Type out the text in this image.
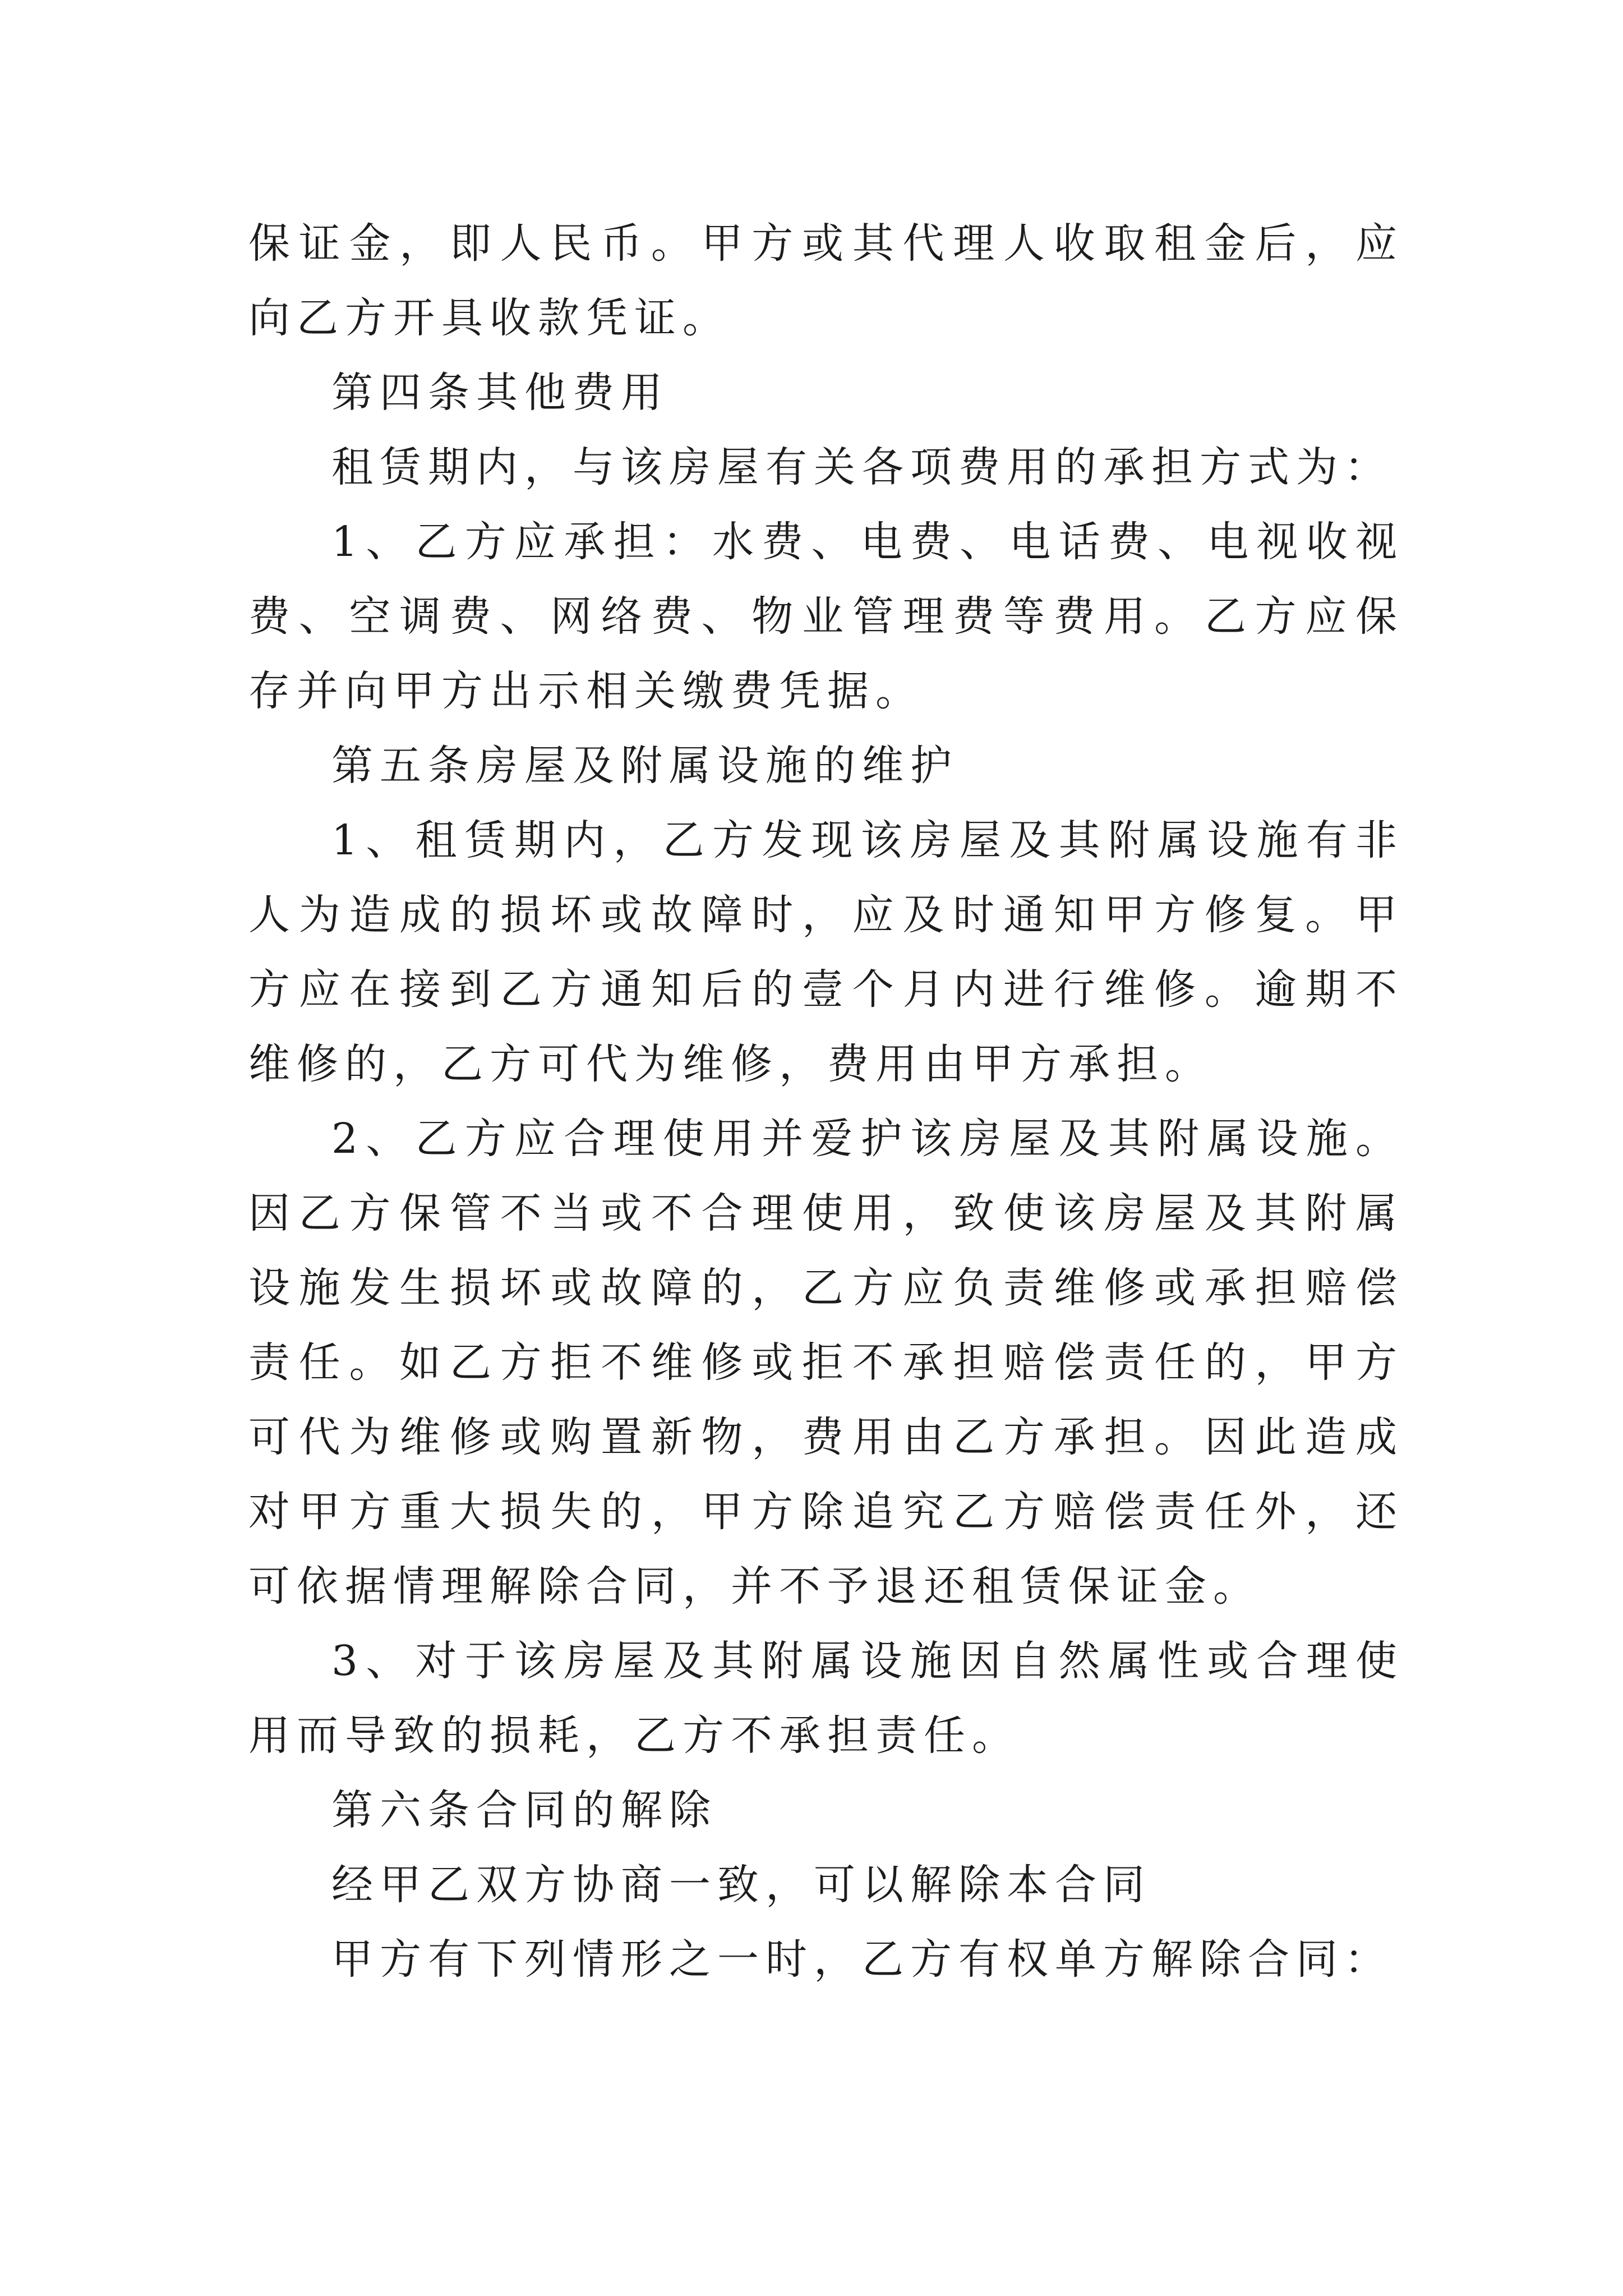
保证金，即人民币。甲方或其代理人收取租金后，应向乙方开具收款凭证。

第四条其他费用

租赁期内，与该房屋有关各项费用的承担方式为：

1、乙方应承担：水费、电费、电话费、电视收视费、空调费、网络费、物业管理费等费用。乙方应保存并向甲方出示相关缴费凭据。

第五条房屋及附属设施的维护

1、租赁期内，乙方发现该房屋及其附属设施有非人为造成的损坏或故障时，应及时通知甲方修复。甲方应在接到乙方通知后的壹个月内进行维修。逾期不维修的，乙方可代为维修，费用由甲方承担。

2、乙方应合理使用并爱护该房屋及其附属设施。因乙方保管不当或不合理使用，致使该房屋及其附属设施发生损坏或故障的，乙方应负责维修或承担赔偿责任。如乙方拒不维修或拒不承担赔偿责任的，甲方可代为维修或购置新物，费用由乙方承担。因此造成对甲方重大损失的，甲方除追究乙方赔偿责任外，还可依据情理解除合同，并不予退还租赁保证金。

3、对于该房屋及其附属设施因自然属性或合理使用而导致的损耗，乙方不承担责任。

第六条合同的解除

经甲乙双方协商一致，可以解除本合同

甲方有下列情形之一时，乙方有权单方解除合同：
